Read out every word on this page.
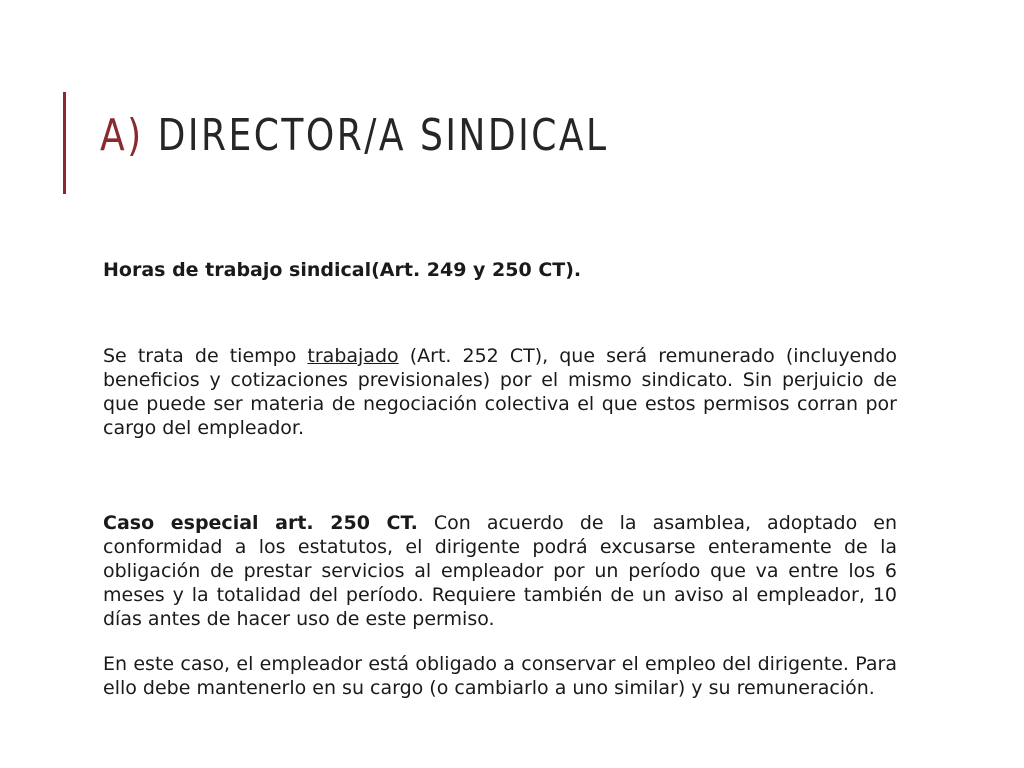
A) DIRECTOR/A SINDICAL

Horas de trabajo sindical(Art. 249 y 250 CT).

Se trata de tiempo trabajado (Art. 252 CT), que será remunerado (incluyendo beneficios y cotizaciones previsionales) por el mismo sindicato. Sin perjuicio de que puede ser materia de negociación colectiva el que estos permisos corran por cargo del empleador.

Caso especial art. 250 CT. Con acuerdo de la asamblea, adoptado en conformidad a los estatutos, el dirigente podrá excusarse enteramente de la obligación de prestar servicios al empleador por un período que va entre los 6 meses y la totalidad del período. Requiere también de un aviso al empleador, 10 días antes de hacer uso de este permiso.

En este caso, el empleador está obligado a conservar el empleo del dirigente. Para ello debe mantenerlo en su cargo (o cambiarlo a uno similar) y su remuneración.
